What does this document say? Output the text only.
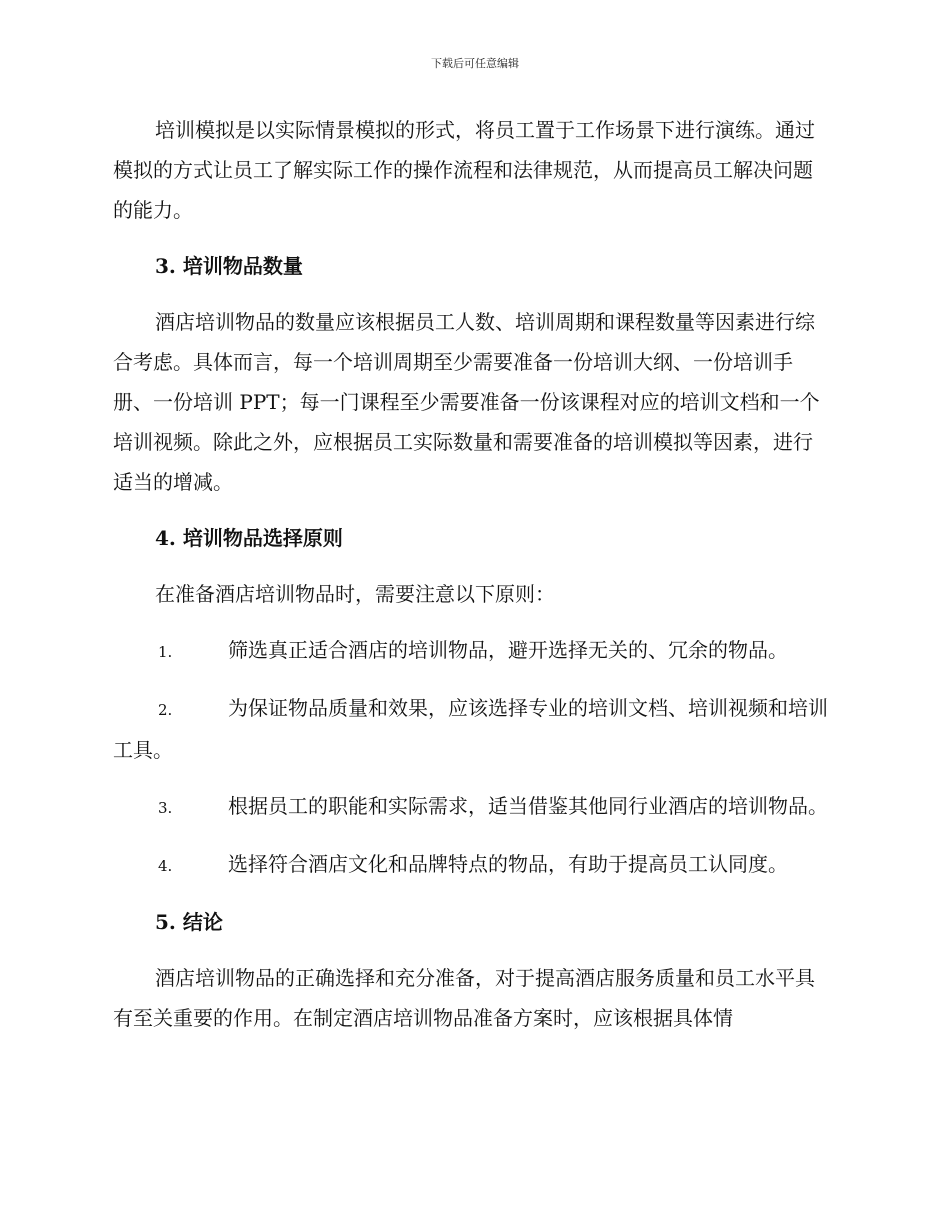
下载后可任意编辑

培训模拟是以实际情景模拟的形式，将员工置于工作场景下进行演练。通过模拟的方式让员工了解实际工作的操作流程和法律规范，从而提高员工解决问题的能力。

3. 培训物品数量

酒店培训物品的数量应该根据员工人数、培训周期和课程数量等因素进行综合考虑。具体而言，每一个培训周期至少需要准备一份培训大纲、一份培训手册、一份培训 PPT；每一门课程至少需要准备一份该课程对应的培训文档和一个培训视频。除此之外，应根据员工实际数量和需要准备的培训模拟等因素，进行适当的增减。

4. 培训物品选择原则

在准备酒店培训物品时，需要注意以下原则：

1.	筛选真正适合酒店的培训物品，避开选择无关的、冗余的物品。

2.	为保证物品质量和效果，应该选择专业的培训文档、培训视频和培训工具。

3.	根据员工的职能和实际需求，适当借鉴其他同行业酒店的培训物品。

4.	选择符合酒店文化和品牌特点的物品，有助于提高员工认同度。

5. 结论

酒店培训物品的正确选择和充分准备，对于提高酒店服务质量和员工水平具有至关重要的作用。在制定酒店培训物品准备方案时，应该根据具体情
